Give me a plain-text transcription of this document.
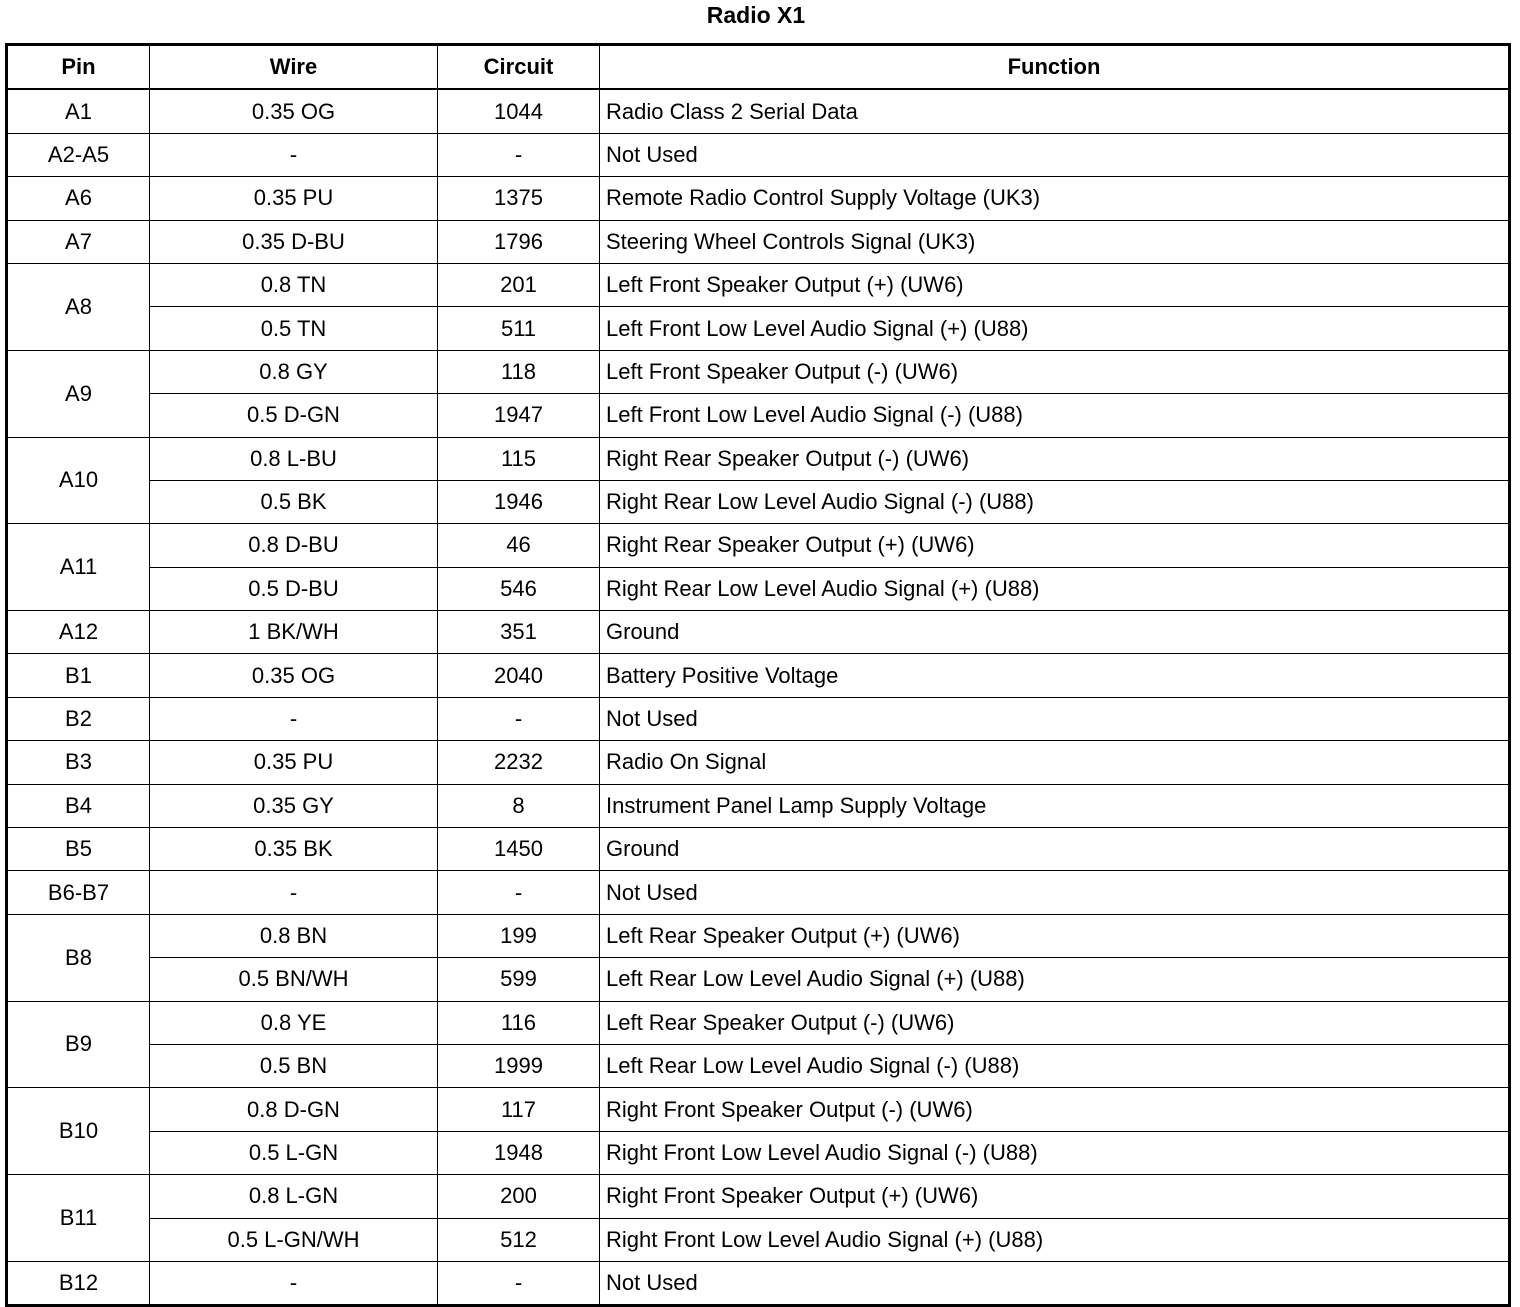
Radio X1
Pin	Wire	Circuit	Function
A1	0.35 OG	1044	Radio Class 2 Serial Data
A2-A5	-	-	Not Used
A6	0.35 PU	1375	Remote Radio Control Supply Voltage (UK3)
A7	0.35 D-BU	1796	Steering Wheel Controls Signal (UK3)
A8	0.8 TN	201	Left Front Speaker Output (+) (UW6)
	0.5 TN	511	Left Front Low Level Audio Signal (+) (U88)
A9	0.8 GY	118	Left Front Speaker Output (-) (UW6)
	0.5 D-GN	1947	Left Front Low Level Audio Signal (-) (U88)
A10	0.8 L-BU	115	Right Rear Speaker Output (-) (UW6)
	0.5 BK	1946	Right Rear Low Level Audio Signal (-) (U88)
A11	0.8 D-BU	46	Right Rear Speaker Output (+) (UW6)
	0.5 D-BU	546	Right Rear Low Level Audio Signal (+) (U88)
A12	1 BK/WH	351	Ground
B1	0.35 OG	2040	Battery Positive Voltage
B2	-	-	Not Used
B3	0.35 PU	2232	Radio On Signal
B4	0.35 GY	8	Instrument Panel Lamp Supply Voltage
B5	0.35 BK	1450	Ground
B6-B7	-	-	Not Used
B8	0.8 BN	199	Left Rear Speaker Output (+) (UW6)
	0.5 BN/WH	599	Left Rear Low Level Audio Signal (+) (U88)
B9	0.8 YE	116	Left Rear Speaker Output (-) (UW6)
	0.5 BN	1999	Left Rear Low Level Audio Signal (-) (U88)
B10	0.8 D-GN	117	Right Front Speaker Output (-) (UW6)
	0.5 L-GN	1948	Right Front Low Level Audio Signal (-) (U88)
B11	0.8 L-GN	200	Right Front Speaker Output (+) (UW6)
	0.5 L-GN/WH	512	Right Front Low Level Audio Signal (+) (U88)
B12	-	-	Not Used
